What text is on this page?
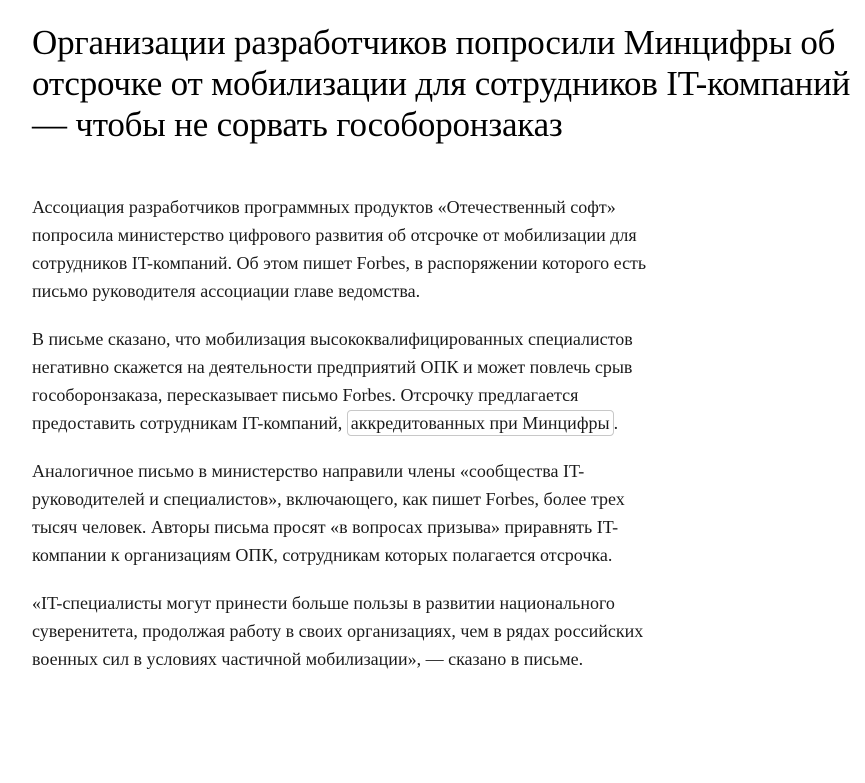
Организации разработчиков попросили Минцифры об отсрочке от мобилизации для сотрудников IT-компаний — чтобы не сорвать гособоронзаказ

Ассоциация разработчиков программных продуктов «Отечественный софт» попросила министерство цифрового развития об отсрочке от мобилизации для сотрудников IT-компаний. Об этом пишет Forbes, в распоряжении которого есть письмо руководителя ассоциации главе ведомства.

В письме сказано, что мобилизация высококвалифицированных специалистов негативно скажется на деятельности предприятий ОПК и может повлечь срыв гособоронзаказа, пересказывает письмо Forbes. Отсрочку предлагается предоставить сотрудникам IT-компаний, аккредитованных при Минцифры .

Аналогичное письмо в министерство направили члены «сообщества IT-руководителей и специалистов», включающего, как пишет Forbes, более трех тысяч человек. Авторы письма просят «в вопросах призыва» приравнять IT-компании к организациям ОПК, сотрудникам которых полагается отсрочка.

«IT-специалисты могут принести больше пользы в развитии национального суверенитета, продолжая работу в своих организациях, чем в рядах российских военных сил в условиях частичной мобилизации», — сказано в письме.
